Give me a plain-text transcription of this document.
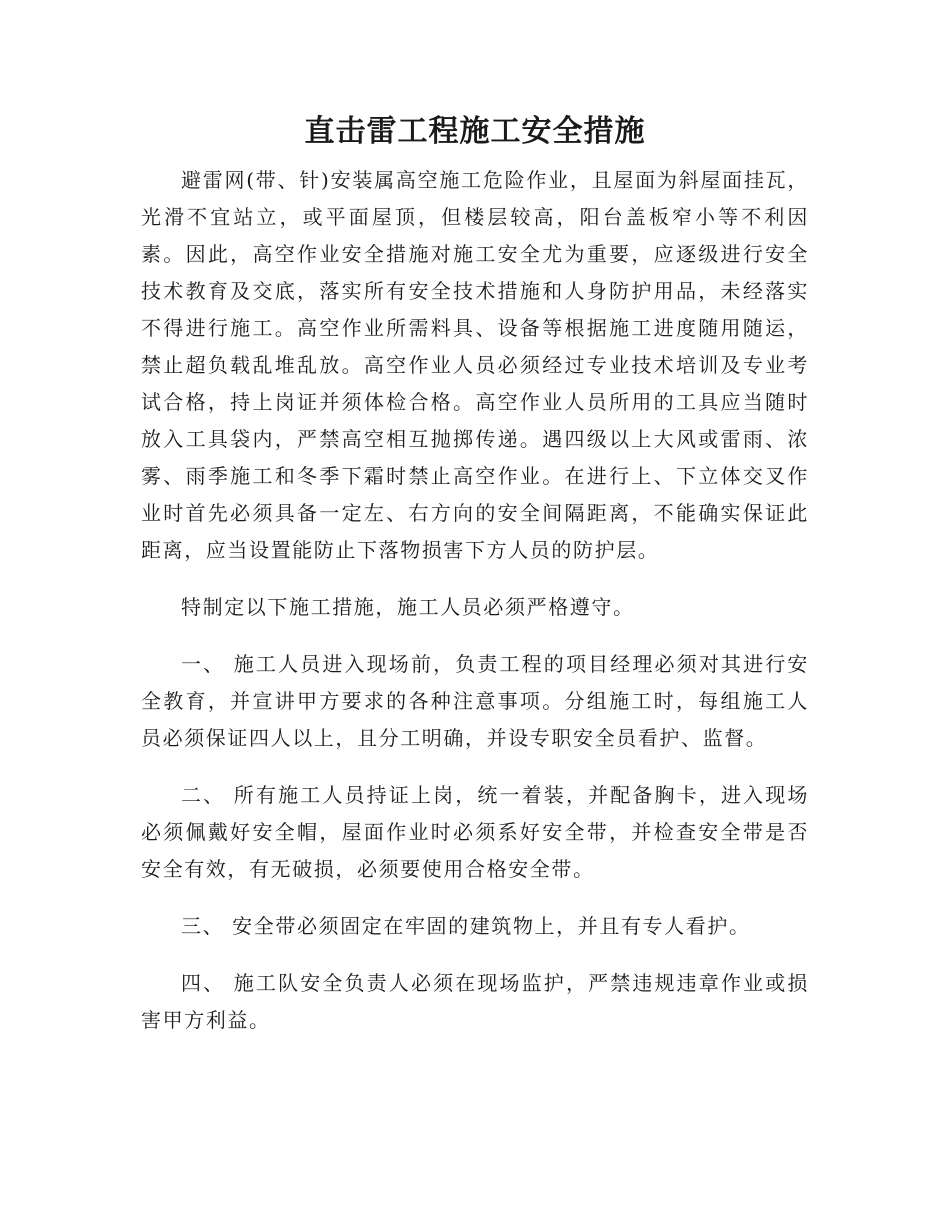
直击雷工程施工安全措施

避雷网(带、针)安装属高空施工危险作业，且屋面为斜屋面挂瓦，光滑不宜站立，或平面屋顶，但楼层较高，阳台盖板窄小等不利因素。因此，高空作业安全措施对施工安全尤为重要，应逐级进行安全技术教育及交底，落实所有安全技术措施和人身防护用品，未经落实不得进行施工。高空作业所需料具、设备等根据施工进度随用随运，禁止超负载乱堆乱放。高空作业人员必须经过专业技术培训及专业考试合格，持上岗证并须体检合格。高空作业人员所用的工具应当随时放入工具袋内，严禁高空相互抛掷传递。遇四级以上大风或雷雨、浓雾、雨季施工和冬季下霜时禁止高空作业。在进行上、下立体交叉作业时首先必须具备一定左、右方向的安全间隔距离，不能确实保证此距离，应当设置能防止下落物损害下方人员的防护层。

特制定以下施工措施，施工人员必须严格遵守。

一、 施工人员进入现场前，负责工程的项目经理必须对其进行安全教育，并宣讲甲方要求的各种注意事项。分组施工时，每组施工人员必须保证四人以上，且分工明确，并设专职安全员看护、监督。

二、 所有施工人员持证上岗，统一着装，并配备胸卡，进入现场必须佩戴好安全帽，屋面作业时必须系好安全带，并检查安全带是否安全有效，有无破损，必须要使用合格安全带。

三、 安全带必须固定在牢固的建筑物上，并且有专人看护。

四、 施工队安全负责人必须在现场监护，严禁违规违章作业或损害甲方利益。
